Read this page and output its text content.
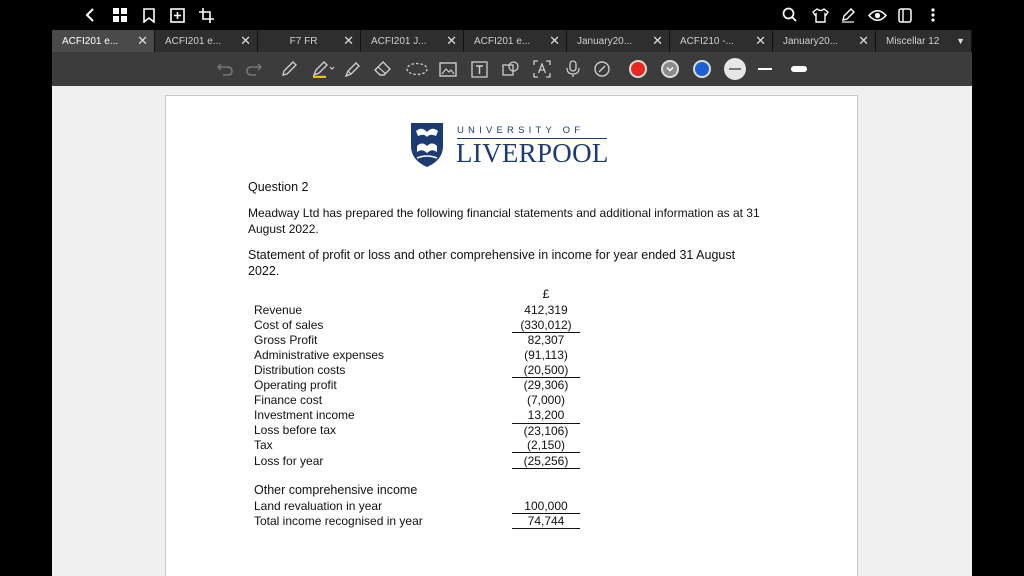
ACFI201 e...	✕ ACFI201 e...	✕	F7 FR	✕ ACFI201 J...	✕ ACFI201 e...	✕ January20...	✕ ACFI210 -...	✕ January20...	✕ Miscellar 12	▼
UNIVERSITY OF
LIVERPOOL
Question 2
Meadway Ltd has prepared the following financial statements and additional information as at 31 August 2022.
Statement of profit or loss and other comprehensive in income for year ended 31 August 2022.
£
Revenue	412,319
Cost of sales	(330,012)
Gross Profit	82,307
Administrative expenses	(91,113)
Distribution costs	(20,500)
Operating profit	(29,306)
Finance cost	(7,000)
Investment income	13,200
Loss before tax	(23,106)
Tax	(2,150)
Loss for year	(25,256)
Other comprehensive income
Land revaluation in year	100,000
Total income recognised in year	74,744
